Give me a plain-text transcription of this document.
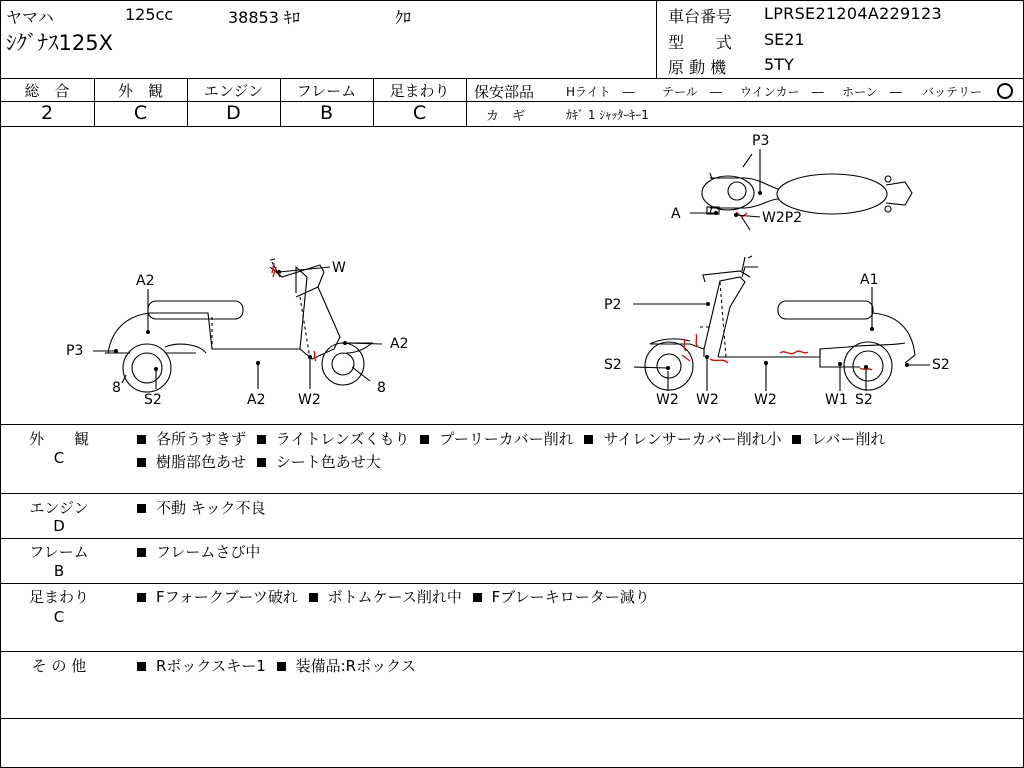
ヤマハ	125cc	38853 ｷﾛ	ｸﾛ
ｼｸﾞﾅｽ125X
車台番号 LPRSE21204A229123
型　　式 SE21
原 動 機 5TY
総　合
2
外　観
C
エンジン
D
フレーム
B
足まわり
C
保安部品	Hライト　― テール　― ウインカー　― ホーン　― バッテリー
カ　ギ	ｶｷﾞ 1 ｼｬｯﾀｰｷｰ1
W
A2
P3	A2
8
S2	A2 W2
8
P3
A	W2P2
A1
P2
S2	S2
W2 W2	W2	W1 S2
外　　観
C
各所うすきず ライトレンズくもり プーリーカバー削れ サイレンサーカバー削れ小 レバー削れ
樹脂部色あせ シート色あせ大
エンジン
D
不動 キック不良
フレーム
B
フレームさび中
足まわり
C
Fフォークブーツ破れ ボトムケース削れ中 Fブレーキローター減り
そ の 他	Rボックスキー1 装備品:Rボックス
